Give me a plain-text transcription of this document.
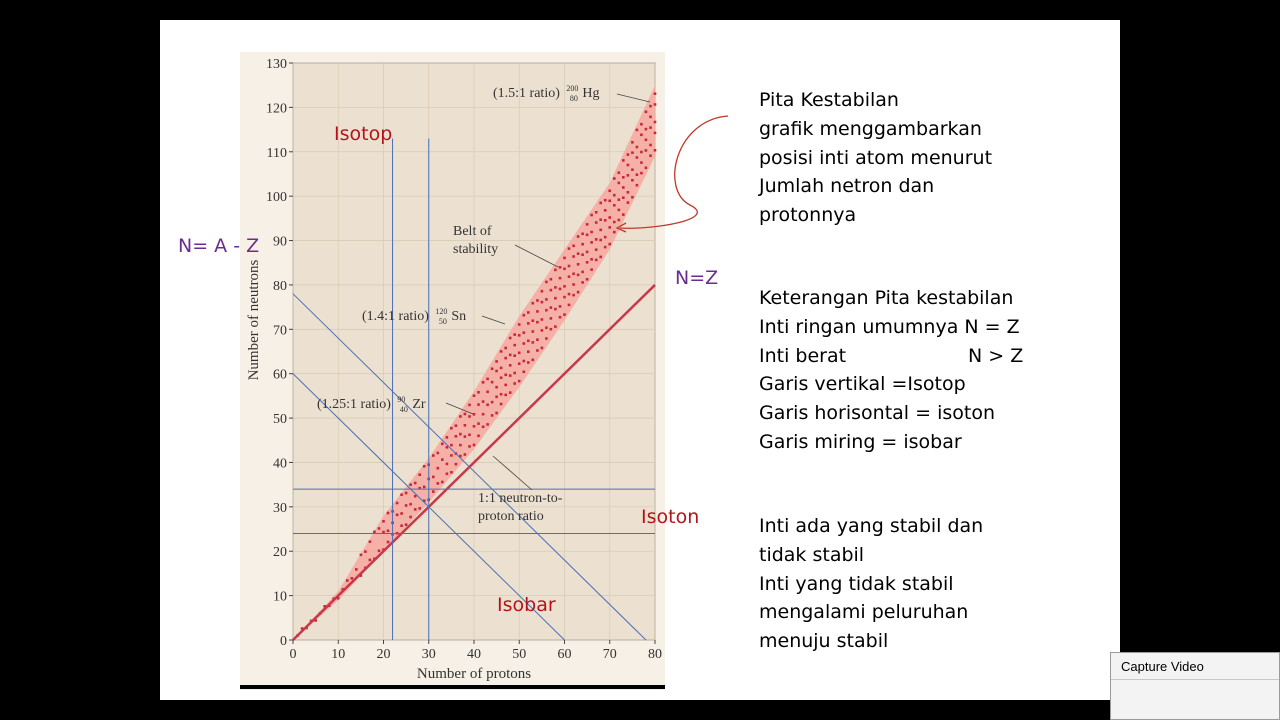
0 10 20 30 40 50 60 70 80
0
10
20
30
40
50
60
70
80
90
100
110
120
130
Number of protons
Number of neutrons
(1.5:1 ratio) $^{200}$ 80 Hg
(1.4:1 ratio) $^{120}$ 50 Sn
(1.25:1 ratio) $^{90}$ 40 Zr
Belt of
stability
1:1 neutron-to-
proton ratio
Isotop
Isoton
Isobar
N= A - Z
N=Z
Pita Kestabilan
grafik menggambarkan
posisi inti atom menurut
Jumlah netron dan
protonnya
Keterangan Pita kestabilan
Inti ringan umumnya N = Z
Inti berat	N > Z
Garis vertikal =Isotop
Garis horisontal = isoton
Garis miring = isobar
Inti ada yang stabil dan
tidak stabil
Inti yang tidak stabil
mengalami peluruhan
menuju stabil
Capture Video
